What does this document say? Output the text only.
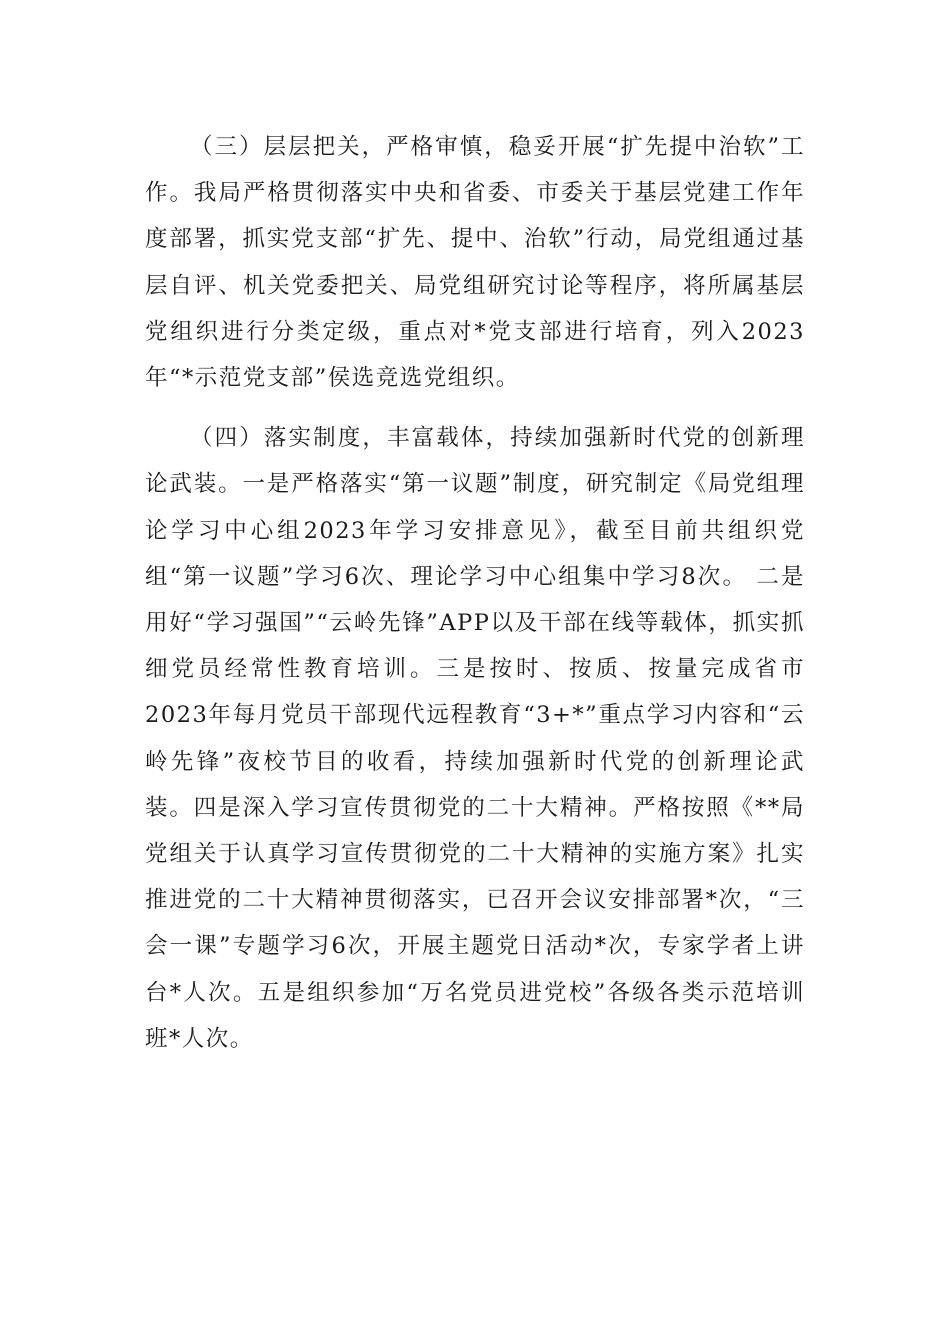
（三）层层把关，严格审慎，稳妥开展“扩先提中治软”工作。我局严格贯彻落实中央和省委、市委关于基层党建工作年度部署，抓实党支部“扩先、提中、治软”行动，局党组通过基层自评、机关党委把关、局党组研究讨论等程序，将所属基层党组织进行分类定级，重点对*党支部进行培育，列入2023年“*示范党支部”侯选竞选党组织。

（四）落实制度，丰富载体，持续加强新时代党的创新理论武装。一是严格落实“第一议题”制度，研究制定《局党组理论学习中心组2023年学习安排意见》，截至目前共组织党组“第一议题”学习6次、理论学习中心组集中学习8次。 二是用好“学习强国”“云岭先锋”APP以及干部在线等载体，抓实抓细党员经常性教育培训。三是按时、按质、按量完成省市2023年每月党员干部现代远程教育“3+*”重点学习内容和“云岭先锋”夜校节目的收看，持续加强新时代党的创新理论武装。四是深入学习宣传贯彻党的二十大精神。严格按照《**局党组关于认真学习宣传贯彻党的二十大精神的实施方案》扎实推进党的二十大精神贯彻落实，已召开会议安排部署*次，“三会一课”专题学习6次，开展主题党日活动*次，专家学者上讲台*人次。五是组织参加“万名党员进党校”各级各类示范培训班*人次。
